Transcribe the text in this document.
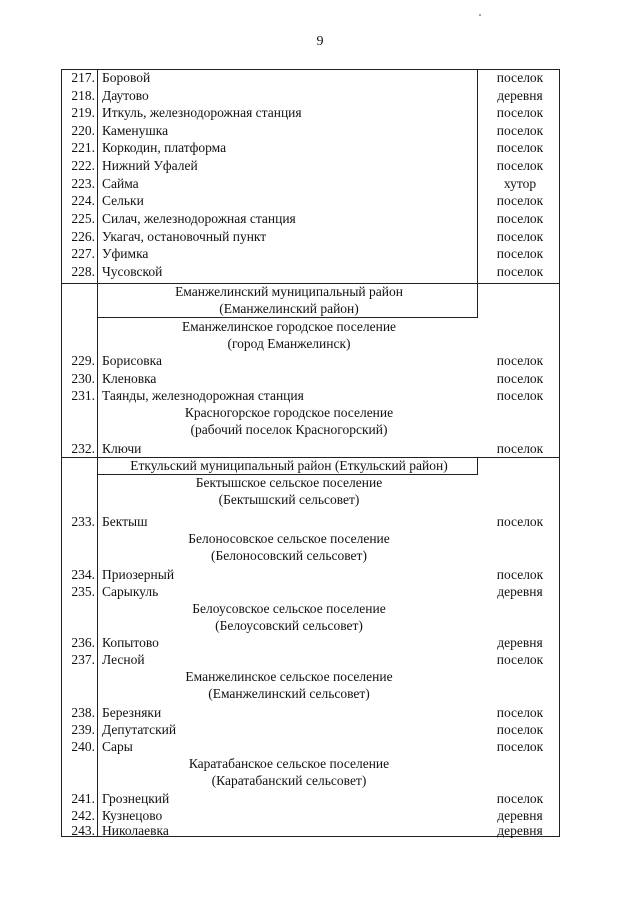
9
217. Боровой	поселок
218. Даутово	деревня
219. Иткуль, железнодорожная станция	поселок
220. Каменушка	поселок
221. Коркодин, платформа	поселок
222. Нижний Уфалей	поселок
223. Сайма	хутор
224. Сельки	поселок
225. Силач, железнодорожная станция	поселок
226. Укагач, остановочный пункт	поселок
227. Уфимка	поселок
228. Чусовской	поселок
Еманжелинский муниципальный район
(Еманжелинский район)
Еманжелинское городское поселение
(город Еманжелинск)
229. Борисовка	поселок
230. Кленовка	поселок
231. Таянды, железнодорожная станция	поселок
Красногорское городское поселение
(рабочий поселок Красногорский)
232. Ключи	поселок
Еткульский муниципальный район (Еткульский район)
Бектышское сельское поселение
(Бектышский сельсовет)
233. Бектыш	поселок
Белоносовское сельское поселение
(Белоносовский сельсовет)
234. Приозерный	поселок
235. Сарыкуль	деревня
Белоусовское сельское поселение
(Белоусовский сельсовет)
236. Копытово	деревня
237. Лесной	поселок
Еманжелинское сельское поселение
(Еманжелинский сельсовет)
238. Березняки	поселок
239. Депутатский	поселок
240. Сары	поселок
Каратабанское сельское поселение
(Каратабанский сельсовет)
241. Грознецкий	поселок
242. Кузнецово	деревня
243. Николаевка	деревня
